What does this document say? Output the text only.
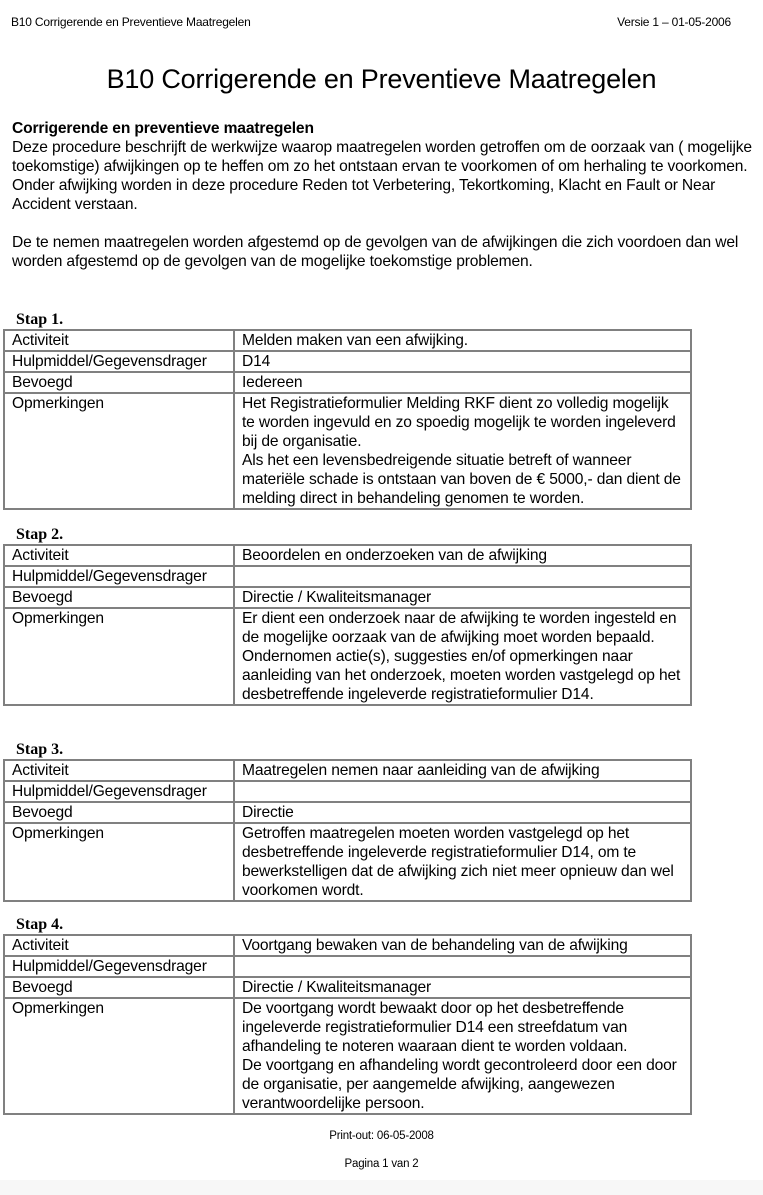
B10 Corrigerende en Preventieve Maatregelen	Versie 1 – 01-05-2006
B10 Corrigerende en Preventieve Maatregelen

Corrigerende en preventieve maatregelen

Deze procedure beschrijft de werkwijze waarop maatregelen worden getroffen om de oorzaak van ( mogelijke toekomstige) afwijkingen op te heffen om zo het ontstaan ervan te voorkomen of om herhaling te voorkomen.

Onder afwijking worden in deze procedure Reden tot Verbetering, Tekortkoming, Klacht en Fault or Near Accident verstaan.

De te nemen maatregelen worden afgestemd op de gevolgen van de afwijkingen die zich voordoen dan wel worden afgestemd op de gevolgen van de mogelijke toekomstige problemen.

Stap 1.
Activiteit	Melden maken van een afwijking.
Hulpmiddel/Gegevensdrager	D14
Bevoegd	Iedereen
Opmerkingen	Het Registratieformulier Melding RKF dient zo volledig mogelijk te worden ingevuld en zo spoedig mogelijk te worden ingeleverd bij de organisatie.
Als het een levensbedreigende situatie betreft of wanneer materiële schade is ontstaan van boven de € 5000,- dan dient de melding direct in behandeling genomen te worden.
Stap 2.
Activiteit	Beoordelen en onderzoeken van de afwijking
Hulpmiddel/Gegevensdrager	
Bevoegd	Directie / Kwaliteitsmanager
Opmerkingen	Er dient een onderzoek naar de afwijking te worden ingesteld en de mogelijke oorzaak van de afwijking moet worden bepaald. Ondernomen actie(s), suggesties en/of opmerkingen naar aanleiding van het onderzoek, moeten worden vastgelegd op het desbetreffende ingeleverde registratieformulier D14.
Stap 3.
Activiteit	Maatregelen nemen naar aanleiding van de afwijking
Hulpmiddel/Gegevensdrager	
Bevoegd	Directie
Opmerkingen	Getroffen maatregelen moeten worden vastgelegd op het desbetreffende ingeleverde registratieformulier D14, om te bewerkstelligen dat de afwijking zich niet meer opnieuw dan wel voorkomen wordt.
Stap 4.
Activiteit	Voortgang bewaken van de behandeling van de afwijking
Hulpmiddel/Gegevensdrager	
Bevoegd	Directie / Kwaliteitsmanager
Opmerkingen	De voortgang wordt bewaakt door op het desbetreffende ingeleverde registratieformulier D14 een streefdatum van afhandeling te noteren waaraan dient te worden voldaan.
De voortgang en afhandeling wordt gecontroleerd door een door de organisatie, per aangemelde afwijking, aangewezen verantwoordelijke persoon.
Print-out: 06-05-2008
Pagina 1 van 2
